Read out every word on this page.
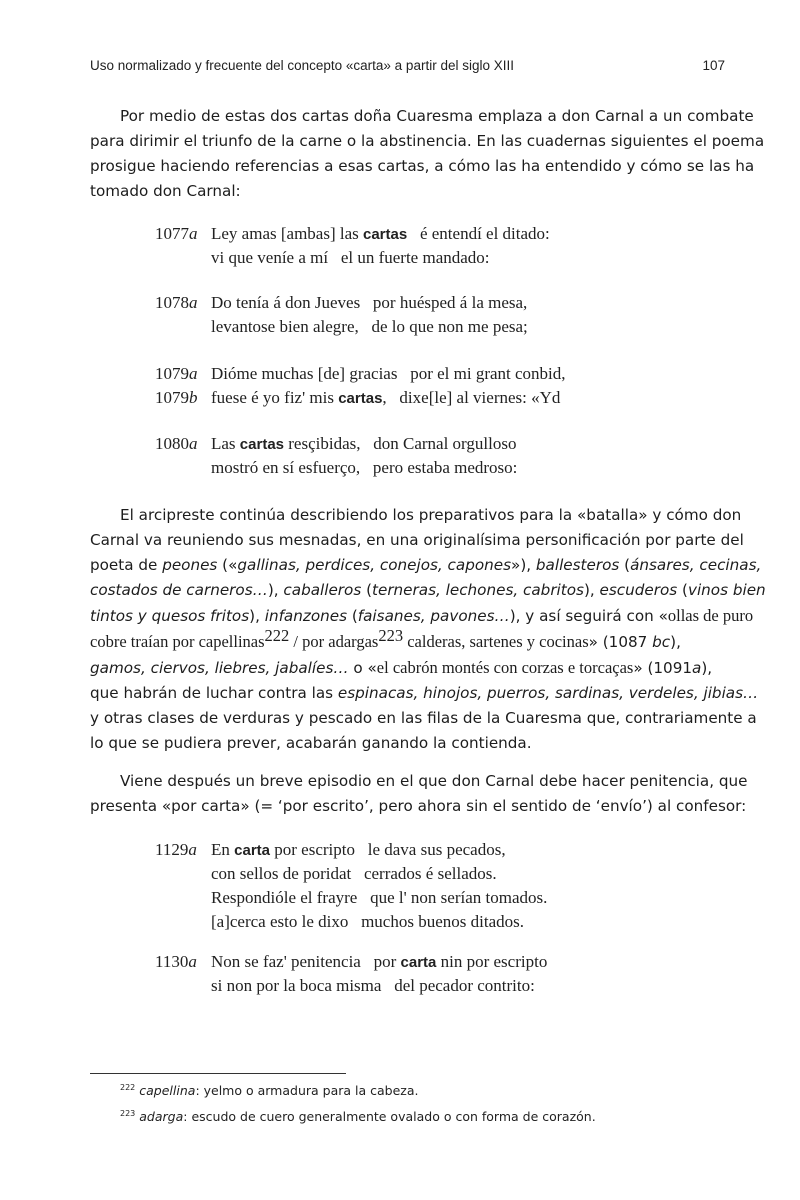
Uso normalizado y frecuente del concepto «carta» a partir del siglo XIII	107
Por medio de estas dos cartas doña Cuaresma emplaza a don Carnal a un combate
para dirimir el triunfo de la carne o la abstinencia. En las cuadernas siguientes el poema
prosigue haciendo referencias a esas cartas, a cómo las ha entendido y cómo se las ha
tomado don Carnal:
1077a Ley amas [ambas] las cartas   é entendí el ditado:
vi que veníe a mí   el un fuerte mandado:
1078a Do tenía á don Jueves   por huésped á la mesa,
levantose bien alegre,   de lo que non me pesa;
1079a Dióme muchas [de] gracias   por el mi grant conbid,
1079b fuese é yo fiz' mis cartas,   dixe[le] al viernes: «Yd
1080a Las cartas resçibidas,   don Carnal orgulloso
mostró en sí esfuerço,   pero estaba medroso:
El arcipreste continúa describiendo los preparativos para la «batalla» y cómo don
Carnal va reuniendo sus mesnadas, en una originalísima personificación por parte del
poeta de peones («gallinas, perdices, conejos, capones»), ballesteros (ánsares, cecinas,
costados de carneros…), caballeros (terneras, lechones, cabritos), escuderos (vinos bien
tintos y quesos fritos), infanzones (faisanes, pavones…), y así seguirá con «ollas de puro
cobre traían por capellinas$^{222}$ / por adargas$^{223}$ calderas, sartenes y cocinas» (1087 bc),
gamos, ciervos, liebres, jabalíes… o «el cabrón montés con corzas e torcaças» (1091a),
que habrán de luchar contra las espinacas, hinojos, puerros, sardinas, verdeles, jibias…
y otras clases de verduras y pescado en las filas de la Cuaresma que, contrariamente a
lo que se pudiera prever, acabarán ganando la contienda.
Viene después un breve episodio en el que don Carnal debe hacer penitencia, que
presenta «por carta» (= ‘por escrito’, pero ahora sin el sentido de ‘envío’) al confesor:
1129a En carta por escripto   le dava sus pecados,
con sellos de poridat   cerrados é sellados.
Respondióle el frayre   que l' non serían tomados.
[a]cerca esto le dixo   muchos buenos ditados.
1130a Non se faz' penitencia   por carta nin por escripto
si non por la boca misma   del pecador contrito:
$^{222}$ capellina: yelmo o armadura para la cabeza.
$^{223}$ adarga: escudo de cuero generalmente ovalado o con forma de corazón.
